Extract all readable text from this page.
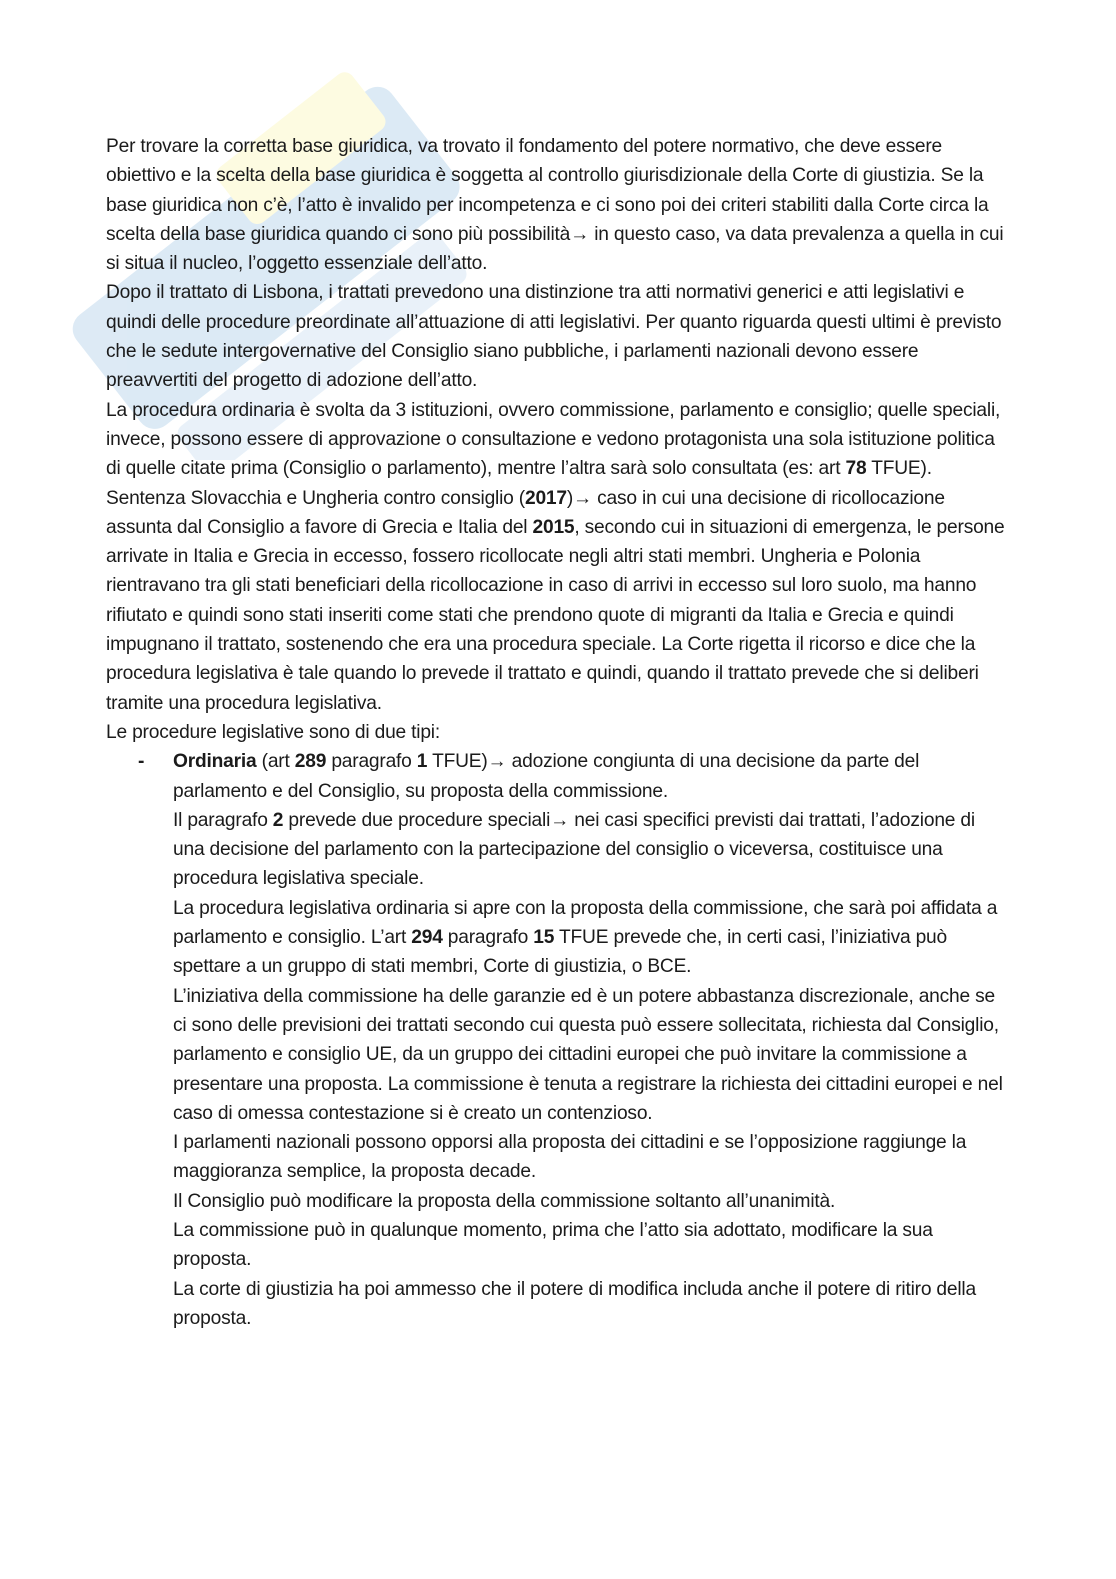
Per trovare la corretta base giuridica, va trovato il fondamento del potere normativo, che deve essere obiettivo e la scelta della base giuridica è soggetta al controllo giurisdizionale della Corte di giustizia. Se la base giuridica non c’è, l’atto è invalido per incompetenza e ci sono poi dei criteri stabiliti dalla Corte circa la scelta della base giuridica quando ci sono più possibilità→ in questo caso, va data prevalenza a quella in cui si situa il nucleo, l’oggetto essenziale dell’atto.

Dopo il trattato di Lisbona, i trattati prevedono una distinzione tra atti normativi generici e atti legislativi e quindi delle procedure preordinate all’attuazione di atti legislativi. Per quanto riguarda questi ultimi è previsto che le sedute intergovernative del Consiglio siano pubbliche, i parlamenti nazionali devono essere preavvertiti del progetto di adozione dell’atto.

La procedura ordinaria è svolta da 3 istituzioni, ovvero commissione, parlamento e consiglio; quelle speciali, invece, possono essere di approvazione o consultazione e vedono protagonista una sola istituzione politica di quelle citate prima (Consiglio o parlamento), mentre l’altra sarà solo consultata (es: art 78 TFUE).

Sentenza Slovacchia e Ungheria contro consiglio (2017)→ caso in cui una decisione di ricollocazione assunta dal Consiglio a favore di Grecia e Italia del 2015, secondo cui in situazioni di emergenza, le persone arrivate in Italia e Grecia in eccesso, fossero ricollocate negli altri stati membri. Ungheria e Polonia rientravano tra gli stati beneficiari della ricollocazione in caso di arrivi in eccesso sul loro suolo, ma hanno rifiutato e quindi sono stati inseriti come stati che prendono quote di migranti da Italia e Grecia e quindi impugnano il trattato, sostenendo che era una procedura speciale. La Corte rigetta il ricorso e dice che la procedura legislativa è tale quando lo prevede il trattato e quindi, quando il trattato prevede che si deliberi tramite una procedura legislativa.

Le procedure legislative sono di due tipi:

- Ordinaria (art 289 paragrafo 1 TFUE)→ adozione congiunta di una decisione da parte del parlamento e del Consiglio, su proposta della commissione.

Il paragrafo 2 prevede due procedure speciali→ nei casi specifici previsti dai trattati, l’adozione di una decisione del parlamento con la partecipazione del consiglio o viceversa, costituisce una procedura legislativa speciale.

La procedura legislativa ordinaria si apre con la proposta della commissione, che sarà poi affidata a parlamento e consiglio. L’art 294 paragrafo 15 TFUE prevede che, in certi casi, l’iniziativa può spettare a un gruppo di stati membri, Corte di giustizia, o BCE.

L’iniziativa della commissione ha delle garanzie ed è un potere abbastanza discrezionale, anche se ci sono delle previsioni dei trattati secondo cui questa può essere sollecitata, richiesta dal Consiglio, parlamento e consiglio UE, da un gruppo dei cittadini europei che può invitare la commissione a presentare una proposta. La commissione è tenuta a registrare la richiesta dei cittadini europei e nel caso di omessa contestazione si è creato un contenzioso.

I parlamenti nazionali possono opporsi alla proposta dei cittadini e se l’opposizione raggiunge la maggioranza semplice, la proposta decade.

Il Consiglio può modificare la proposta della commissione soltanto all’unanimità.

La commissione può in qualunque momento, prima che l’atto sia adottato, modificare la sua proposta.

La corte di giustizia ha poi ammesso che il potere di modifica includa anche il potere di ritiro della proposta.
